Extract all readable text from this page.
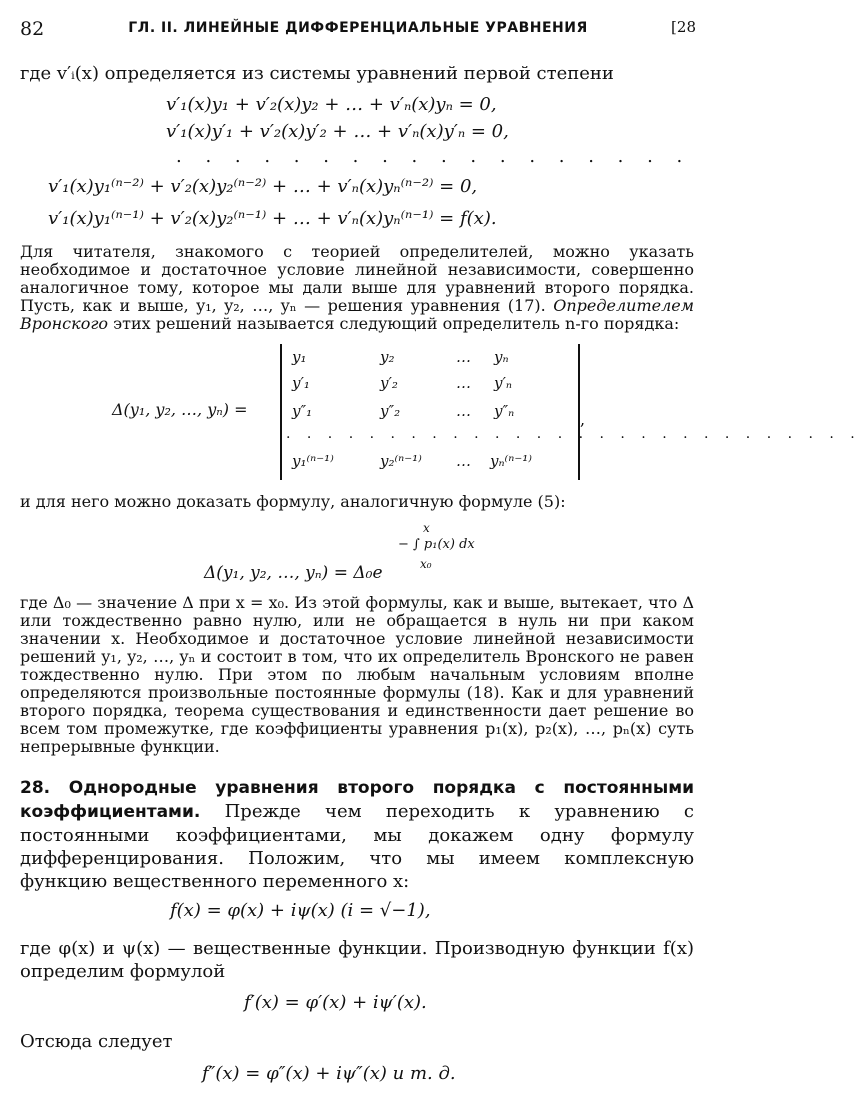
82	ГЛ. II. ЛИНЕЙНЫЕ ДИФФЕРЕНЦИАЛЬНЫЕ УРАВНЕНИЯ	[28
где v′ᵢ(x) определяется из системы уравнений первой степени
v′₁(x)y₁ + v′₂(x)y₂ + … + v′ₙ(x)yₙ = 0,
v′₁(x)y′₁ + v′₂(x)y′₂ + … + v′ₙ(x)y′ₙ = 0,
. . . . . . . . . . . . . . . . . .
v′₁(x)y₁⁽ⁿ⁻²⁾ + v′₂(x)y₂⁽ⁿ⁻²⁾ + … + v′ₙ(x)yₙ⁽ⁿ⁻²⁾ = 0,
v′₁(x)y₁⁽ⁿ⁻¹⁾ + v′₂(x)y₂⁽ⁿ⁻¹⁾ + … + v′ₙ(x)yₙ⁽ⁿ⁻¹⁾ = f(x).

Для читателя, знакомого с теорией определителей, можно указать необходимое и достаточное условие линейной независимости, совершенно аналогичное тому, которое мы дали выше для уравнений второго порядка. Пусть, как и выше, y₁, y₂, …, yₙ — решения уравнения (17). Определителем Вронского этих решений называется следующий определитель n-го порядка:

Δ(y₁, y₂, …, yₙ) =
y₁	y₂	… yₙ
y′₁	y′₂	… y′ₙ
y″₁	y″₂	… y″ₙ
. . . . . . . . . . . . . . . . . . . . . . . . . . . .
y₁⁽ⁿ⁻¹⁾	y₂⁽ⁿ⁻¹⁾ … yₙ⁽ⁿ⁻¹⁾
,
и для него можно доказать формулу, аналогичную формуле (5):
x
− ∫ p₁(x) dx
x₀
Δ(y₁, y₂, …, yₙ) = Δ₀e
где Δ₀ — значение Δ при x = x₀. Из этой формулы, как и выше, вытекает, что Δ или тождественно равно нулю, или не обращается в нуль ни при каком значении x. Необходимое и достаточное условие линейной независимости решений y₁, y₂, …, yₙ и состоит в том, что их определитель Вронского не равен тождественно нулю. При этом по любым начальным условиям вполне определяются произвольные постоянные формулы (18). Как и для уравнений второго порядка, теорема существования и единственности дает решение во всем том промежутке, где коэффициенты уравнения p₁(x), p₂(x), …, pₙ(x) суть непрерывные функции.

28. Однородные уравнения второго порядка с постоянными коэффициентами. Прежде чем переходить к уравнению с постоянными коэффициентами, мы докажем одну формулу дифференцирования. Положим, что мы имеем комплексную функцию вещественного переменного x:

f(x) = φ(x) + iψ(x) (i = √−1),
где φ(x) и ψ(x) — вещественные функции. Производную функции f(x) определим формулой
f′(x) = φ′(x) + iψ′(x).
Отсюда следует
f″(x) = φ″(x) + iψ″(x) и т. д.
